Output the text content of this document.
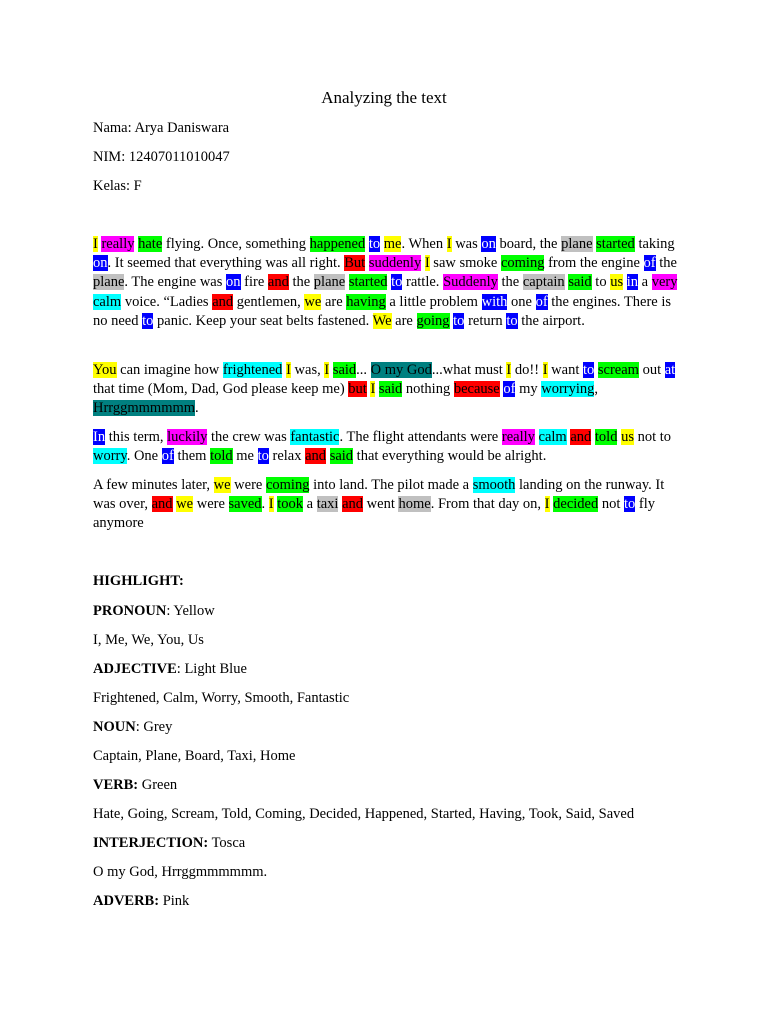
Analyzing the text
Nama: Arya Daniswara
NIM: 12407011010047
Kelas: F

I really hate flying. Once, something happened to me. When I was on board, the plane started taking on. It seemed that everything was all right. But suddenly I saw smoke coming from the engine of the plane. The engine was on fire and the plane started to rattle. Suddenly the captain said to us in a very calm voice. “Ladies and gentlemen, we are having a little problem with one of the engines. There is no need to panic. Keep your seat belts fastened. We are going to return to the airport.

You can imagine how frightened I was, I said... O my God...what must I do!! I want to scream out at that time (Mom, Dad, God please keep me) but I said nothing because of my worrying, Hrrggmmmmmm.

In this term, luckily the crew was fantastic. The flight attendants were really calm and told us not to worry. One of them told me to relax and said that everything would be alright.

A few minutes later, we were coming into land. The pilot made a smooth landing on the runway. It was over, and we were saved. I took a taxi and went home. From that day on, I decided not to fly anymore

HIGHLIGHT:
PRONOUN: Yellow
I, Me, We, You, Us
ADJECTIVE: Light Blue
Frightened, Calm, Worry, Smooth, Fantastic
NOUN: Grey
Captain, Plane, Board, Taxi, Home
VERB: Green
Hate, Going, Scream, Told, Coming, Decided, Happened, Started, Having, Took, Said, Saved
INTERJECTION: Tosca
O my God, Hrrggmmmmmm.
ADVERB: Pink
